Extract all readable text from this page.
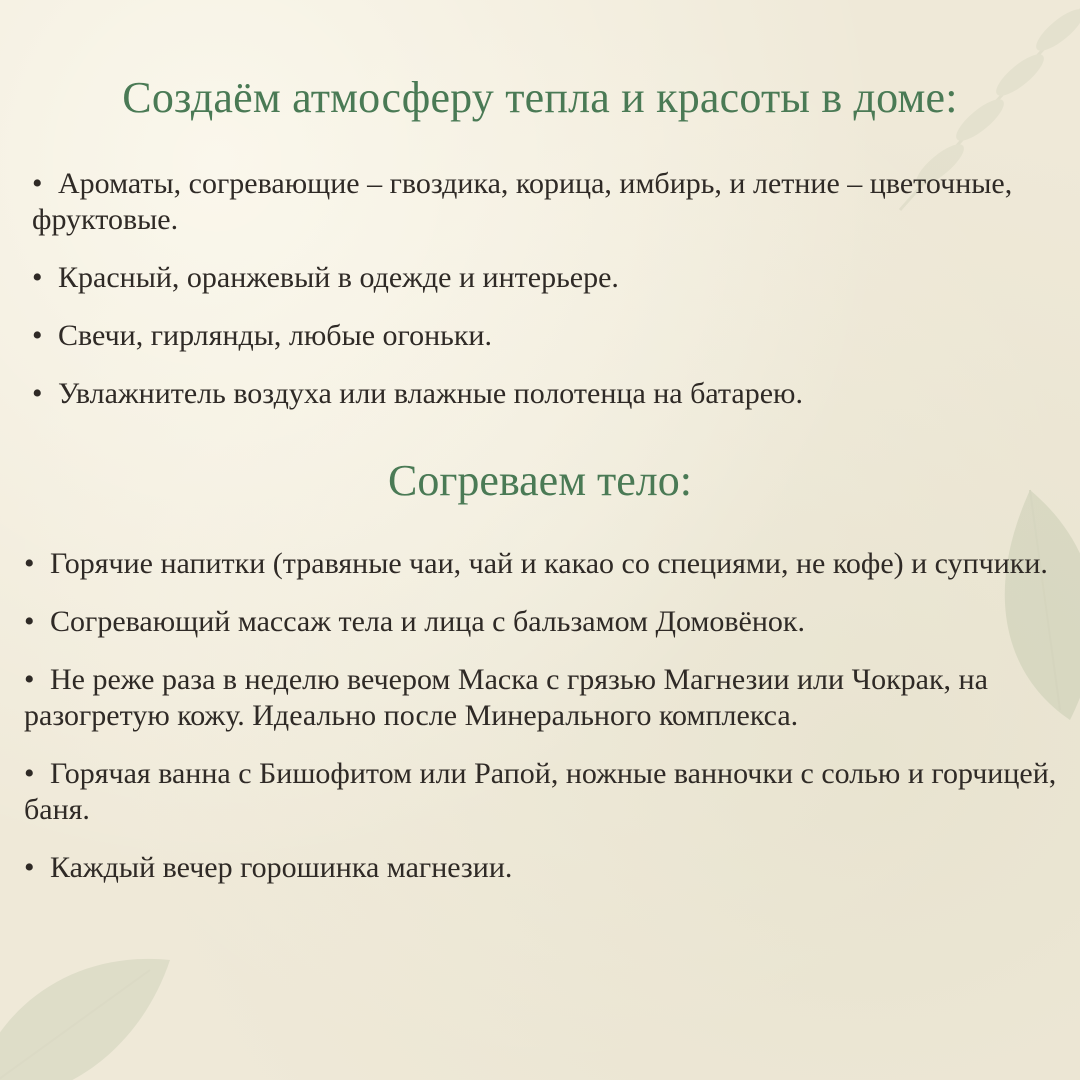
Создаём атмосферу тепла и красоты в доме:
• Ароматы, согревающие – гвоздика, корица, имбирь, и летние – цветочные, фруктовые.
• Красный, оранжевый в одежде и интерьере.
• Свечи, гирлянды, любые огоньки.
• Увлажнитель воздуха или влажные полотенца на батарею.
Согреваем тело:
• Горячие напитки (травяные чаи, чай и какао со специями, не кофе) и супчики.
• Согревающий массаж тела и лица с бальзамом Домовёнок.
• Не реже раза в неделю вечером Маска с грязью Магнезии или Чокрак, на разогретую кожу. Идеально после Минерального комплекса.
• Горячая ванна с Бишофитом или Рапой, ножные ванночки с солью и горчицей, баня.
• Каждый вечер горошинка магнезии.
